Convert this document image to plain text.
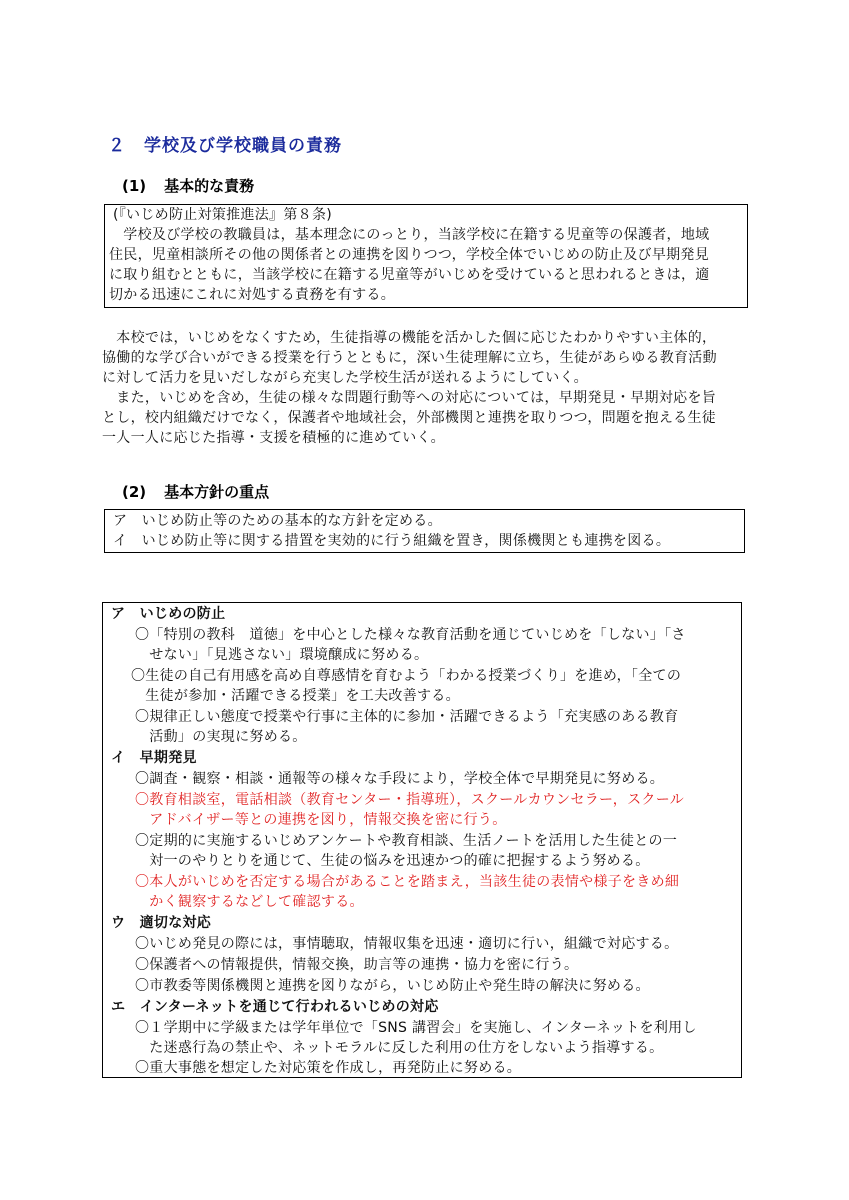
２ 学校及び学校職員の責務
(1) 基本的な責務
(『いじめ防止対策推進法』第８条)
　学校及び学校の教職員は，基本理念にのっとり，当該学校に在籍する児童等の保護者，地域
住民，児童相談所その他の関係者との連携を図りつつ，学校全体でいじめの防止及び早期発見
に取り組むとともに，当該学校に在籍する児童等がいじめを受けていると思われるときは，適
切かる迅速にこれに対処する責務を有する。
　本校では，いじめをなくすため，生徒指導の機能を活かした個に応じたわかりやすい主体的，
協働的な学び合いができる授業を行うとともに，深い生徒理解に立ち，生徒があらゆる教育活動
に対して活力を見いだしながら充実した学校生活が送れるようにしていく。
　また，いじめを含め，生徒の様々な問題行動等への対応については，早期発見・早期対応を旨
とし，校内組織だけでなく，保護者や地域社会，外部機関と連携を取りつつ，問題を抱える生徒
一人一人に応じた指導・支援を積極的に進めていく。
(2) 基本方針の重点
ア　いじめ防止等のための基本的な方針を定める。
イ　いじめ防止等に関する措置を実効的に行う組織を置き，関係機関とも連携を図る。
ア　いじめの防止
〇「特別の教科　道徳」を中心とした様々な教育活動を通じていじめを「しない」「さ
　せない」「見逃さない」環境醸成に努める。
〇生徒の自己有用感を高め自尊感情を育むよう「わかる授業づくり」を進め，「全ての
　生徒が参加・活躍できる授業」を工夫改善する。
〇規律正しい態度で授業や行事に主体的に参加・活躍できるよう「充実感のある教育
　活動」の実現に努める。
イ　早期発見
〇調査・観察・相談・通報等の様々な手段により，学校全体で早期発見に努める。
〇教育相談室，電話相談（教育センター・指導班），スクールカウンセラー，スクール
　アドバイザー等との連携を図り，情報交換を密に行う。
〇定期的に実施するいじめアンケートや教育相談、生活ノートを活用した生徒との一
　対一のやりとりを通じて、生徒の悩みを迅速かつ的確に把握するよう努める。
〇本人がいじめを否定する場合があることを踏まえ，当該生徒の表情や様子をきめ細
　かく観察するなどして確認する。
ウ　適切な対応
〇いじめ発見の際には，事情聴取，情報収集を迅速・適切に行い，組織で対応する。
〇保護者への情報提供，情報交換，助言等の連携・協力を密に行う。
〇市教委等関係機関と連携を図りながら，いじめ防止や発生時の解決に努める。
エ　インターネットを通じて行われるいじめの対応
〇１学期中に学級または学年単位で「SNS 講習会」を実施し、インターネットを利用し
　た迷惑行為の禁止や、ネットモラルに反した利用の仕方をしないよう指導する。
〇重大事態を想定した対応策を作成し，再発防止に努める。
